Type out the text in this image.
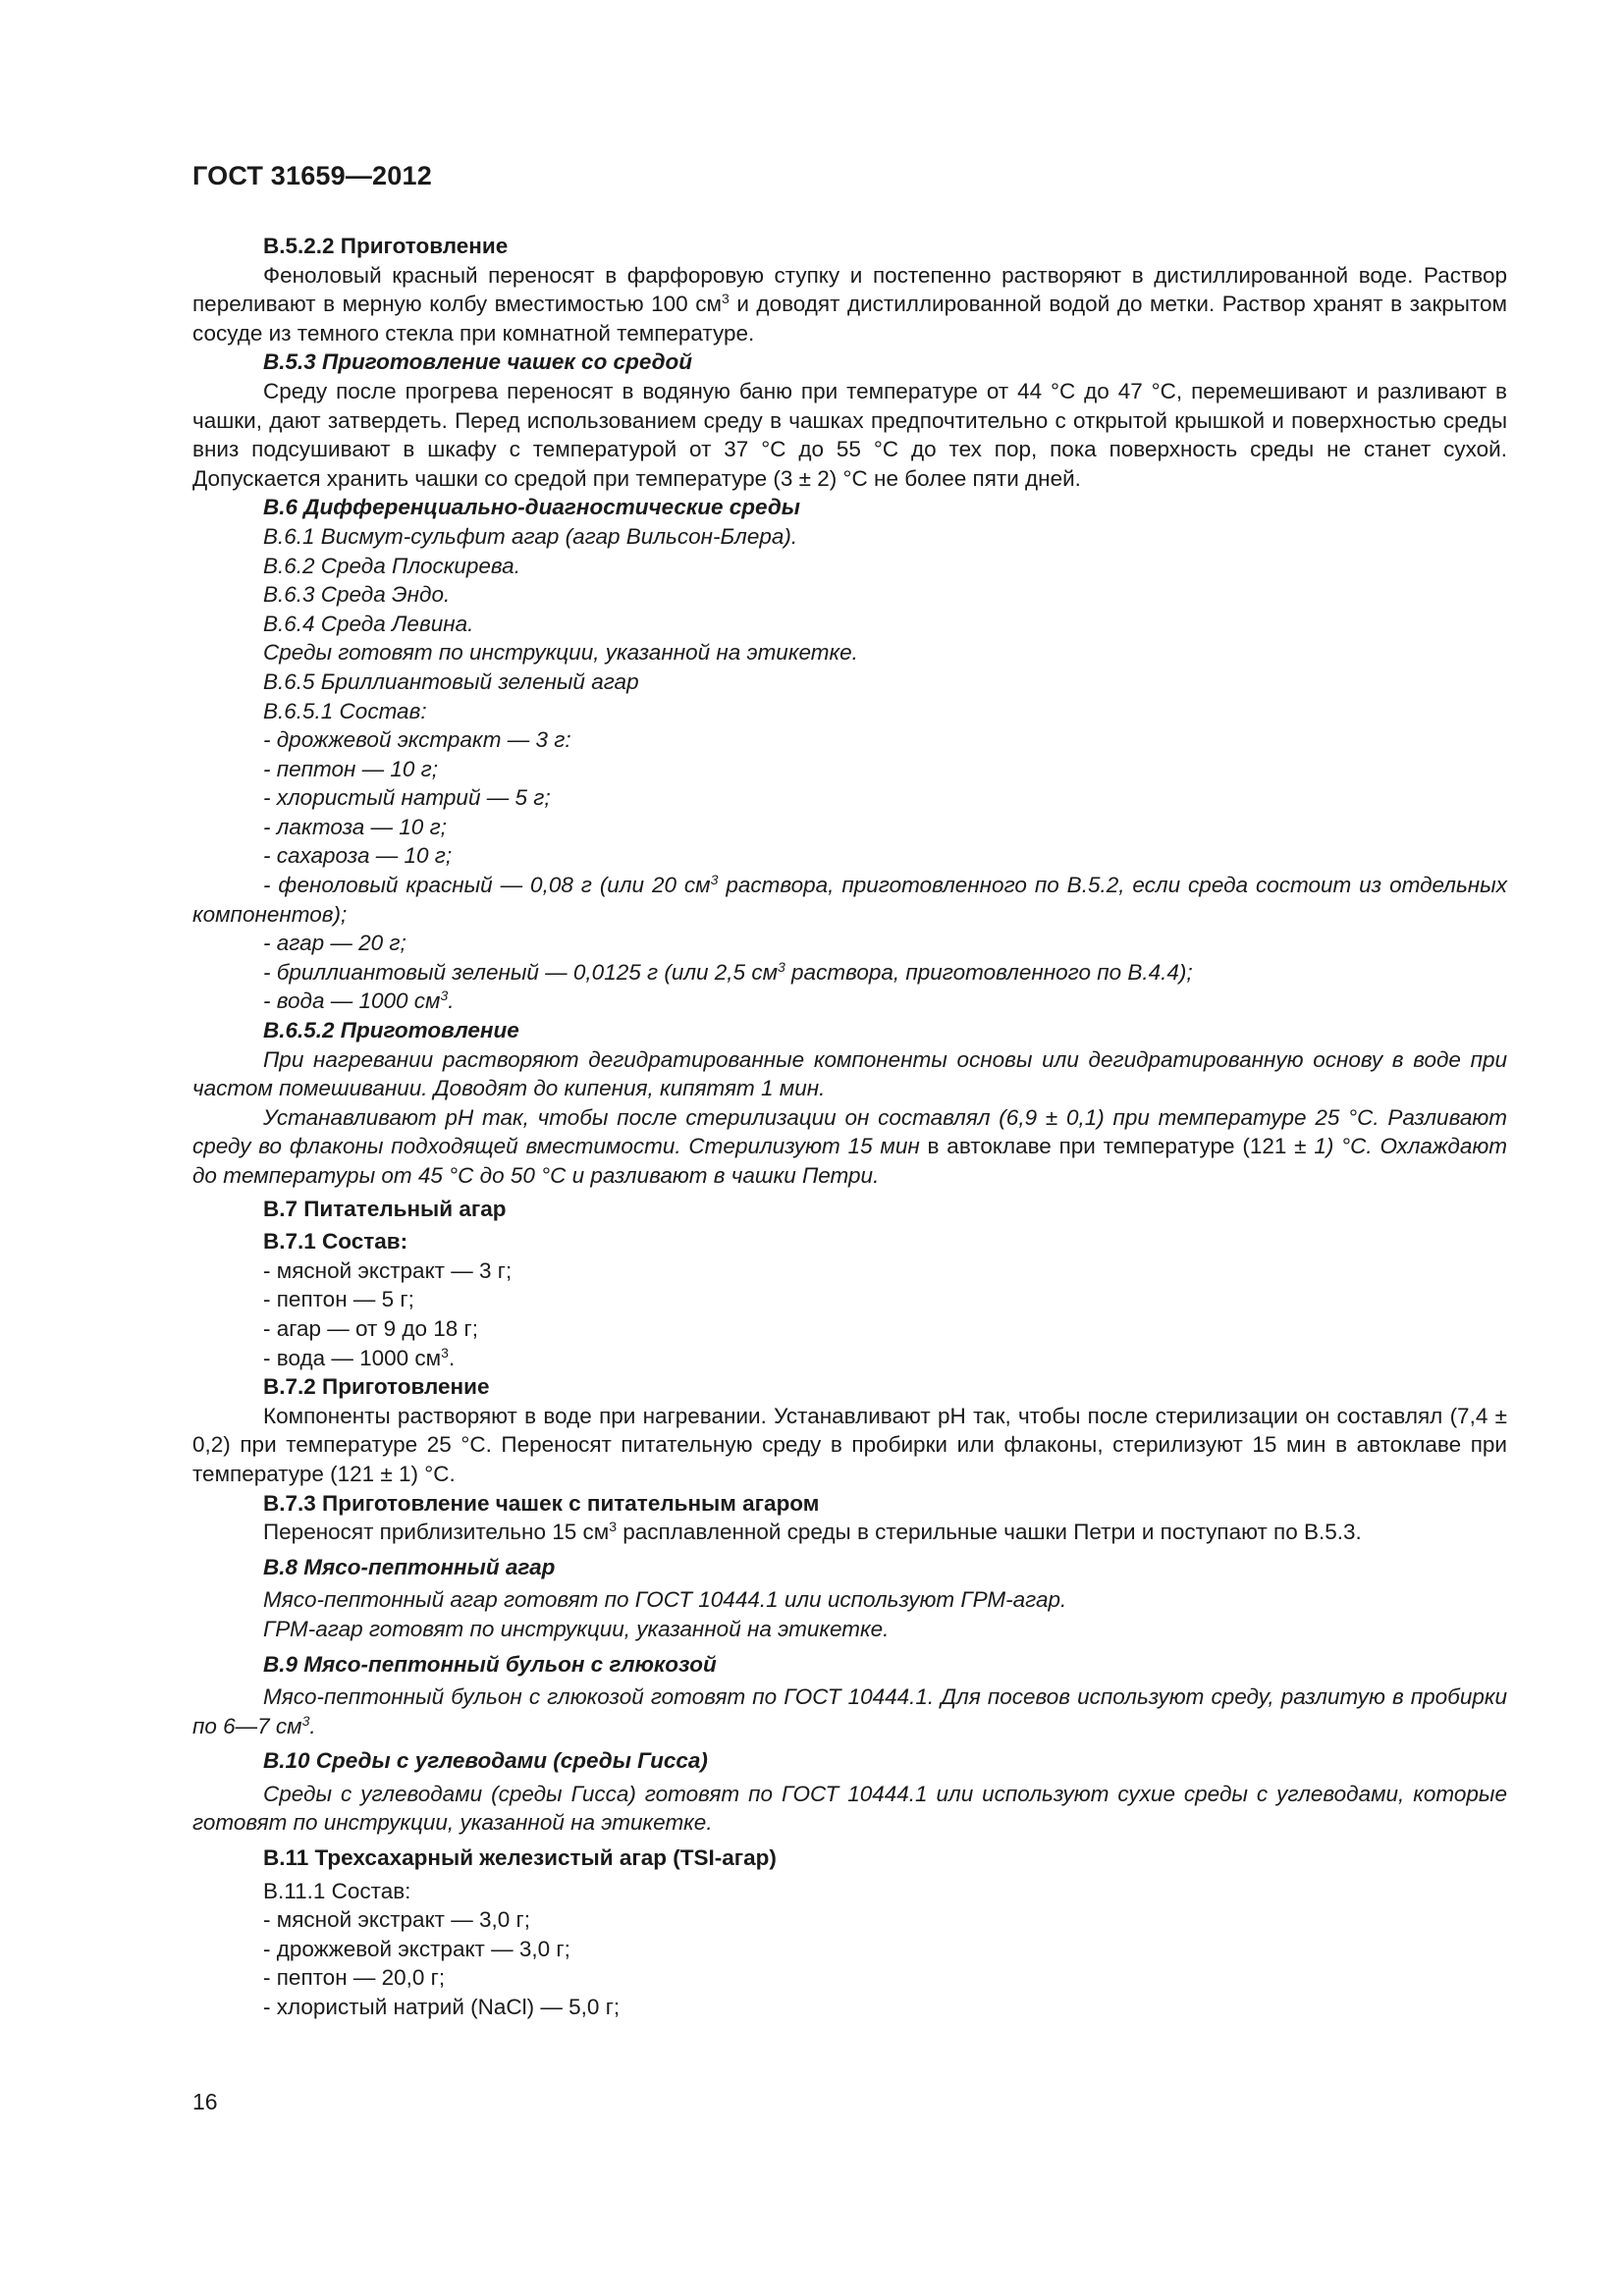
ГОСТ 31659—2012

В.5.2.2 Приготовление

Феноловый красный переносят в фарфоровую ступку и постепенно растворяют в дистиллированной воде. Раствор переливают в мерную колбу вместимостью 100 $см^3$ и доводят дистиллированной водой до метки. Раствор хранят в закрытом сосуде из темного стекла при комнатной температуре.

В.5.3 Приготовление чашек со средой

Среду после прогрева переносят в водяную баню при температуре от 44 °С до 47 °С, перемешивают и разливают в чашки, дают затвердеть. Перед использованием среду в чашках предпочтительно с открытой крышкой и поверхностью среды вниз подсушивают в шкафу с температурой от 37 °С до 55 °С до тех пор, пока поверхность среды не станет сухой. Допускается хранить чашки со средой при температуре (3 ± 2) °С не более пяти дней.

В.6 Дифференциально-диагностические среды

В.6.1 Висмут-сульфит агар (агар Вильсон-Блера).

В.6.2 Среда Плоскирева.

В.6.3 Среда Эндо.

В.6.4 Среда Левина.

Среды готовят по инструкции, указанной на этикетке.

В.6.5 Бриллиантовый зеленый агар

В.6.5.1 Состав:

- дрожжевой экстракт — 3 г:

- пептон — 10 г;

- хлористый натрий — 5 г;

- лактоза — 10 г;

- сахароза — 10 г;

- феноловый красный — 0,08 г (или 20 $см^3$ раствора, приготовленного по В.5.2, если среда состоит из отдельных компонентов);

- агар — 20 г;

- бриллиантовый зеленый — 0,0125 г (или 2,5 $см^3$ раствора, приготовленного по В.4.4);

- вода — 1000 $см^3$.

В.6.5.2 Приготовление

При нагревании растворяют дегидратированные компоненты основы или дегидратированную основу в воде при частом помешивании. Доводят до кипения, кипятят 1 мин.

Устанавливают рН так, чтобы после стерилизации он составлял (6,9 ± 0,1) при температуре 25 °С. Разливают среду во флаконы подходящей вместимости. Стерилизуют 15 мин в автоклаве при температуре (121 ± 1) °С. Охлаждают до температуры от 45 °С до 50 °С и разливают в чашки Петри.

В.7 Питательный агар

В.7.1 Состав:

- мясной экстракт — 3 г;

- пептон — 5 г;

- агар — от 9 до 18 г;

- вода — 1000 $см^3$.

В.7.2 Приготовление

Компоненты растворяют в воде при нагревании. Устанавливают рН так, чтобы после стерилизации он составлял (7,4 ± 0,2) при температуре 25 °С. Переносят питательную среду в пробирки или флаконы, стерилизуют 15 мин в автоклаве при температуре (121 ± 1) °С.

В.7.3 Приготовление чашек с питательным агаром

Переносят приблизительно 15 $см^3$ расплавленной среды в стерильные чашки Петри и поступают по В.5.3.

В.8 Мясо-пептонный агар

Мясо-пептонный агар готовят по ГОСТ 10444.1 или используют ГРМ-агар.

ГРМ-агар готовят по инструкции, указанной на этикетке.

В.9 Мясо-пептонный бульон с глюкозой

Мясо-пептонный бульон с глюкозой готовят по ГОСТ 10444.1. Для посевов используют среду, разлитую в пробирки по 6—7 $см^3$.

В.10 Среды с углеводами (среды Гисса)

Среды с углеводами (среды Гисса) готовят по ГОСТ 10444.1 или используют сухие среды с углеводами, которые готовят по инструкции, указанной на этикетке.

В.11 Трехсахарный железистый агар (TSI-агар)

В.11.1 Состав:

- мясной экстракт — 3,0 г;

- дрожжевой экстракт — 3,0 г;

- пептон — 20,0 г;

- хлористый натрий (NaCl) — 5,0 г;

16
